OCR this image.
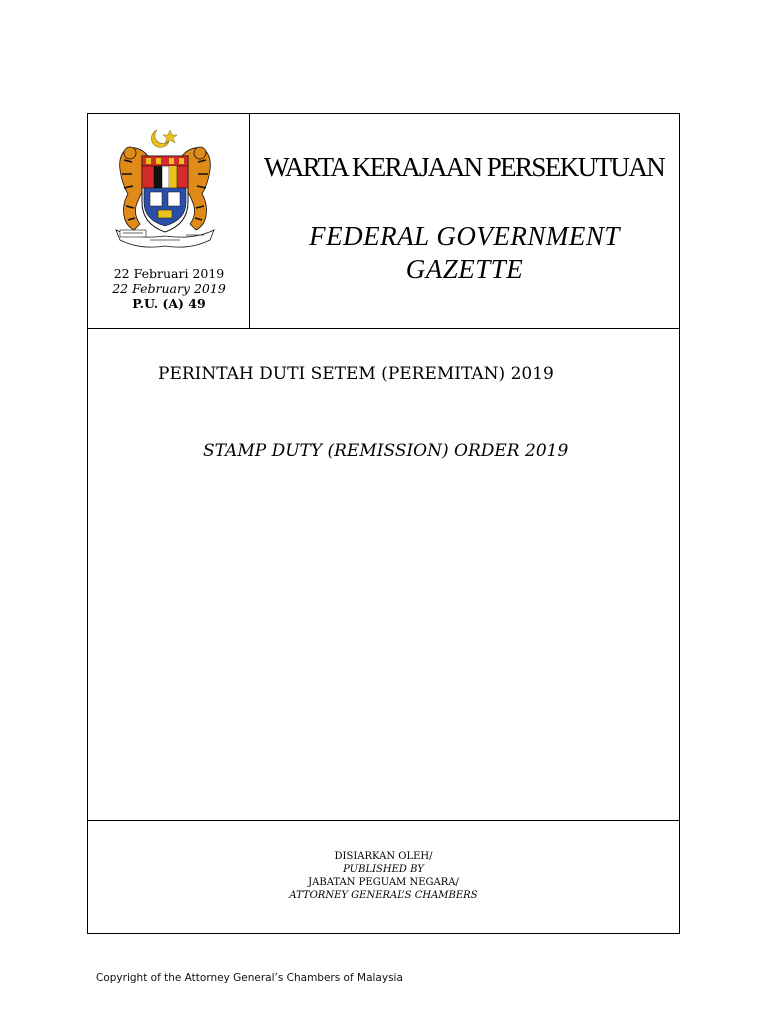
22 Februari 2019
22 February 2019
P.U. (A) 49
WARTA KERAJAAN PERSEKUTUAN
FEDERAL GOVERNMENT
GAZETTE
PERINTAH DUTI SETEM (PEREMITAN) 2019
STAMP DUTY (REMISSION) ORDER 2019
DISIARKAN OLEH/
PUBLISHED BY
JABATAN PEGUAM NEGARA/
ATTORNEY GENERAL’S CHAMBERS
Copyright of the Attorney General’s Chambers of Malaysia
